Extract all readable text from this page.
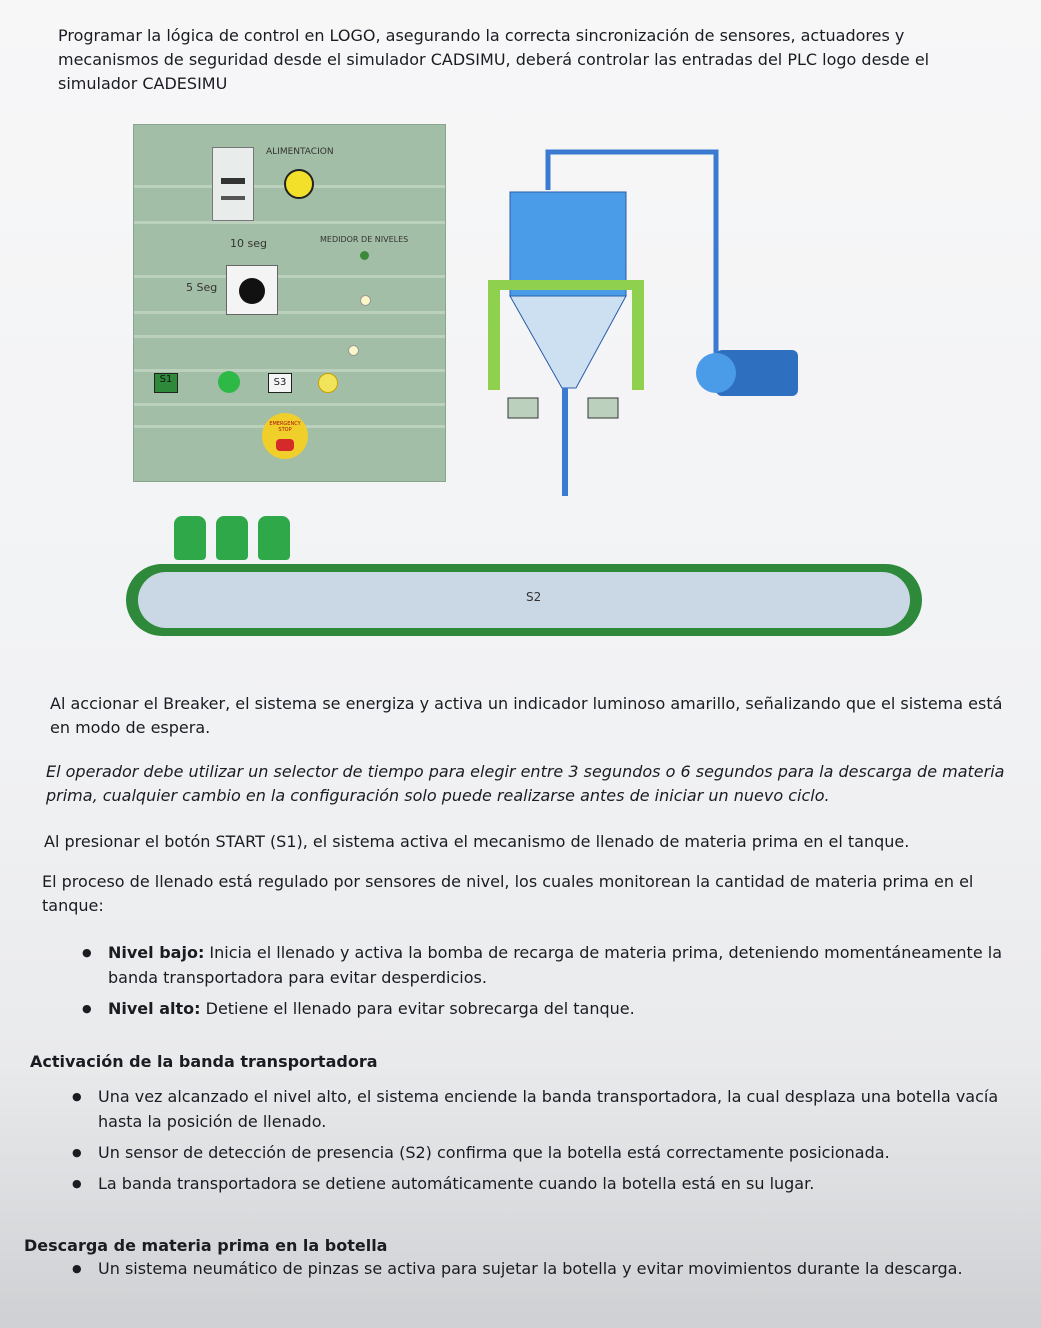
Programar la lógica de control en LOGO, asegurando la correcta sincronización de sensores, actuadores y mecanismos de seguridad desde el simulador CADSIMU, deberá controlar las entradas del PLC logo desde el simulador CADESIMU

ALIMENTACION
10 seg	MEDIDOR DE NIVELES
5 Seg
S1	S3
EMERGENCY STOP
S2

Al accionar el Breaker, el sistema se energiza y activa un indicador luminoso amarillo, señalizando que el sistema está en modo de espera.

El operador debe utilizar un selector de tiempo para elegir entre 3 segundos o 6 segundos para la descarga de materia prima, cualquier cambio en la configuración solo puede realizarse antes de iniciar un nuevo ciclo.

Al presionar el botón START (S1), el sistema activa el mecanismo de llenado de materia prima en el tanque.

El proceso de llenado está regulado por sensores de nivel, los cuales monitorean la cantidad de materia prima en el tanque:

● Nivel bajo: Inicia el llenado y activa la bomba de recarga de materia prima, deteniendo momentáneamente la banda transportadora para evitar desperdicios.
● Nivel alto: Detiene el llenado para evitar sobrecarga del tanque.
Activación de la banda transportadora
● Una vez alcanzado el nivel alto, el sistema enciende la banda transportadora, la cual desplaza una botella vacía hasta la posición de llenado.
● Un sensor de detección de presencia (S2) confirma que la botella está correctamente posicionada.
● La banda transportadora se detiene automáticamente cuando la botella está en su lugar.
Descarga de materia prima en la botella
● Un sistema neumático de pinzas se activa para sujetar la botella y evitar movimientos durante la descarga.
